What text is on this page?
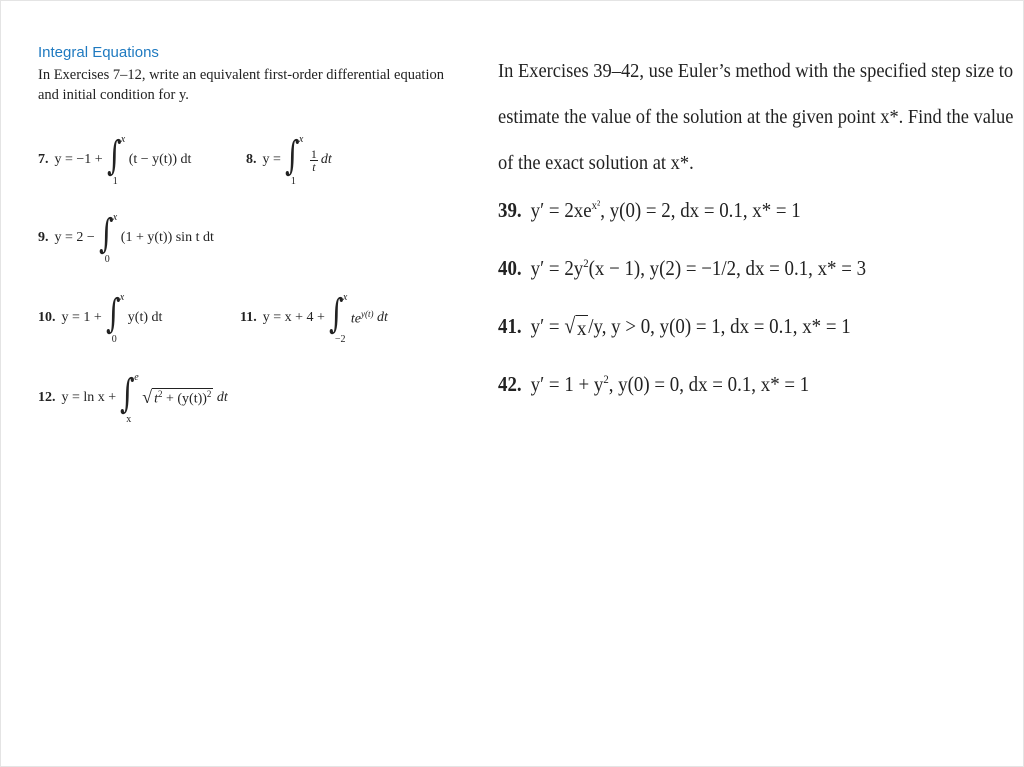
Integral Equations

In Exercises 7–12, write an equivalent first-order differential equation
and initial condition for y.

7. y = −1 + ∫ x
1
(t − y(t)) dt	8. y = ∫ x
1
$\frac{1}{t}$ dt
9. y = 2 − ∫ x
0
(1 + y(t)) sin t dt
10. y = 1 + ∫ x
0
y(t) dt	11. y = x + 4 + ∫ x
−2
$te^{y(t)}$
dt
12. y = ln x + ∫ e
x
√ $t^2 + (y(t))^2$
dt

In Exercises 39–42, use Euler’s method with the specified step size to

estimate the value of the solution at the given point x*. Find the value

of the exact solution at x*.

39. $y' = 2xe^{x^2}$, y(0) = 2, dx = 0.1, x* = 1
40. $y' = 2y^2(x - 1)$, y(2) = −1/2, dx = 0.1, x* = 3
41. y′ = √ x /y, y > 0, y(0) = 1, dx = 0.1, x* = 1
42. $y' = 1 + y^2$, y(0) = 0, dx = 0.1, x* = 1
